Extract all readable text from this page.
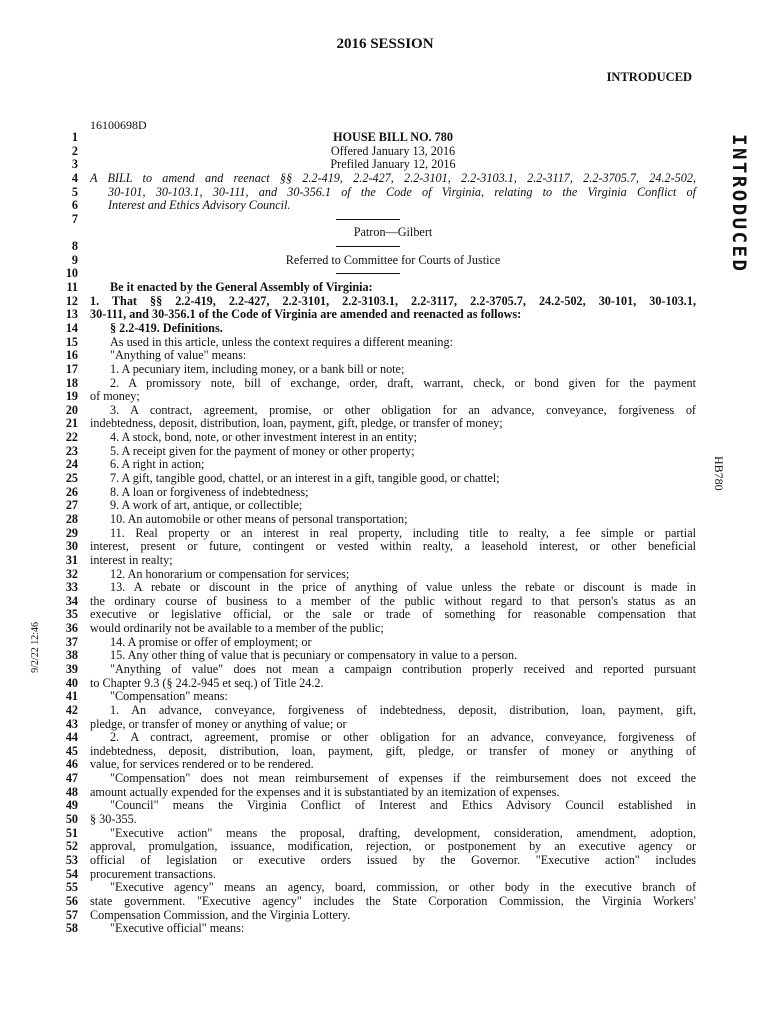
2016 SESSION
INTRODUCED
16100698D
1	HOUSE BILL NO. 780
2	Offered January 13, 2016
3	Prefiled January 12, 2016
4 A BILL to amend and reenact §§ 2.2-419, 2.2-427, 2.2-3101, 2.2-3103.1, 2.2-3117, 2.2-3705.7, 24.2-502,
5	30-101, 30-103.1, 30-111, and 30-356.1 of the Code of Virginia, relating to the Virginia Conflict of
6	Interest and Ethics Advisory Council.
7
Patron—Gilbert
8
9	Referred to Committee for Courts of Justice
10
11	Be it enacted by the General Assembly of Virginia:
12 1. That §§ 2.2-419, 2.2-427, 2.2-3101, 2.2-3103.1, 2.2-3117, 2.2-3705.7, 24.2-502, 30-101, 30-103.1,
13 30-111, and 30-356.1 of the Code of Virginia are amended and reenacted as follows:
14	§ 2.2-419. Definitions.
15	As used in this article, unless the context requires a different meaning:
16	"Anything of value" means:
17	1. A pecuniary item, including money, or a bank bill or note;
18	2. A promissory note, bill of exchange, order, draft, warrant, check, or bond given for the payment
19 of money;
20	3. A contract, agreement, promise, or other obligation for an advance, conveyance, forgiveness of
21 indebtedness, deposit, distribution, loan, payment, gift, pledge, or transfer of money;
22	4. A stock, bond, note, or other investment interest in an entity;
23	5. A receipt given for the payment of money or other property;
24	6. A right in action;
25	7. A gift, tangible good, chattel, or an interest in a gift, tangible good, or chattel;
26	8. A loan or forgiveness of indebtedness;
27	9. A work of art, antique, or collectible;
28	10. An automobile or other means of personal transportation;
29	11. Real property or an interest in real property, including title to realty, a fee simple or partial
30 interest, present or future, contingent or vested within realty, a leasehold interest, or other beneficial
31 interest in realty;
32	12. An honorarium or compensation for services;
33	13. A rebate or discount in the price of anything of value unless the rebate or discount is made in
34 the ordinary course of business to a member of the public without regard to that person's status as an
35 executive or legislative official, or the sale or trade of something for reasonable compensation that
36 would ordinarily not be available to a member of the public;
37	14. A promise or offer of employment; or
38	15. Any other thing of value that is pecuniary or compensatory in value to a person.
39	"Anything of value" does not mean a campaign contribution properly received and reported pursuant
40 to Chapter 9.3 (§ 24.2-945 et seq.) of Title 24.2.
41	"Compensation" means:
42	1. An advance, conveyance, forgiveness of indebtedness, deposit, distribution, loan, payment, gift,
43 pledge, or transfer of money or anything of value; or
44	2. A contract, agreement, promise or other obligation for an advance, conveyance, forgiveness of
45 indebtedness, deposit, distribution, loan, payment, gift, pledge, or transfer of money or anything of
46 value, for services rendered or to be rendered.
47	"Compensation" does not mean reimbursement of expenses if the reimbursement does not exceed the
48 amount actually expended for the expenses and it is substantiated by an itemization of expenses.
49	"Council" means the Virginia Conflict of Interest and Ethics Advisory Council established in
50 § 30-355.
51	"Executive action" means the proposal, drafting, development, consideration, amendment, adoption,
52 approval, promulgation, issuance, modification, rejection, or postponement by an executive agency or
53 official of legislation or executive orders issued by the Governor. "Executive action" includes
54 procurement transactions.
55	"Executive agency" means an agency, board, commission, or other body in the executive branch of
56 state government. "Executive agency" includes the State Corporation Commission, the Virginia Workers'
57 Compensation Commission, and the Virginia Lottery.
58	"Executive official" means:
INTRODUCED
HB780
9/2/22 12:46
